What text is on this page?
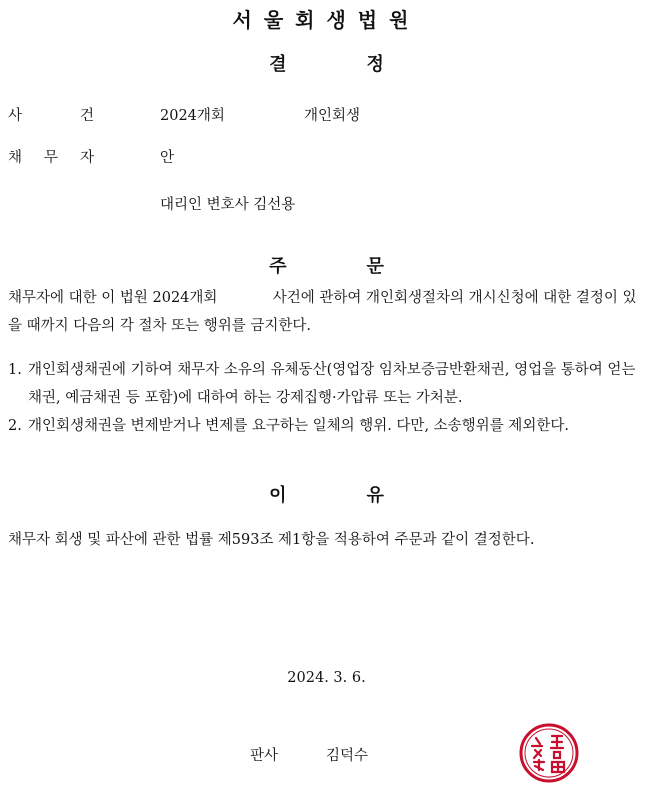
서울회생법원
결	정
사	건	2024개회	개인회생
채 무 자	안
대리인 변호사 김선용
주	문
채무자에 대한 이 법원 2024개회            사건에 관하여 개인회생절차의 개시신청에 대한 결정이 있을 때까지 다음의 각 절차 또는 행위를 금지한다.
1. 개인회생채권에 기하여 채무자 소유의 유체동산(영업장 임차보증금반환채권, 영업을 통하여 얻는 채권, 예금채권 등 포함)에 대하여 하는 강제집행·가압류 또는 가처분.
2. 개인회생채권을 변제받거나 변제를 요구하는 일체의 행위. 다만, 소송행위를 제외한다.
이	유
채무자 회생 및 파산에 관한 법률 제593조 제1항을 적용하여 주문과 같이 결정한다.
2024. 3. 6.
판사	김덕수
